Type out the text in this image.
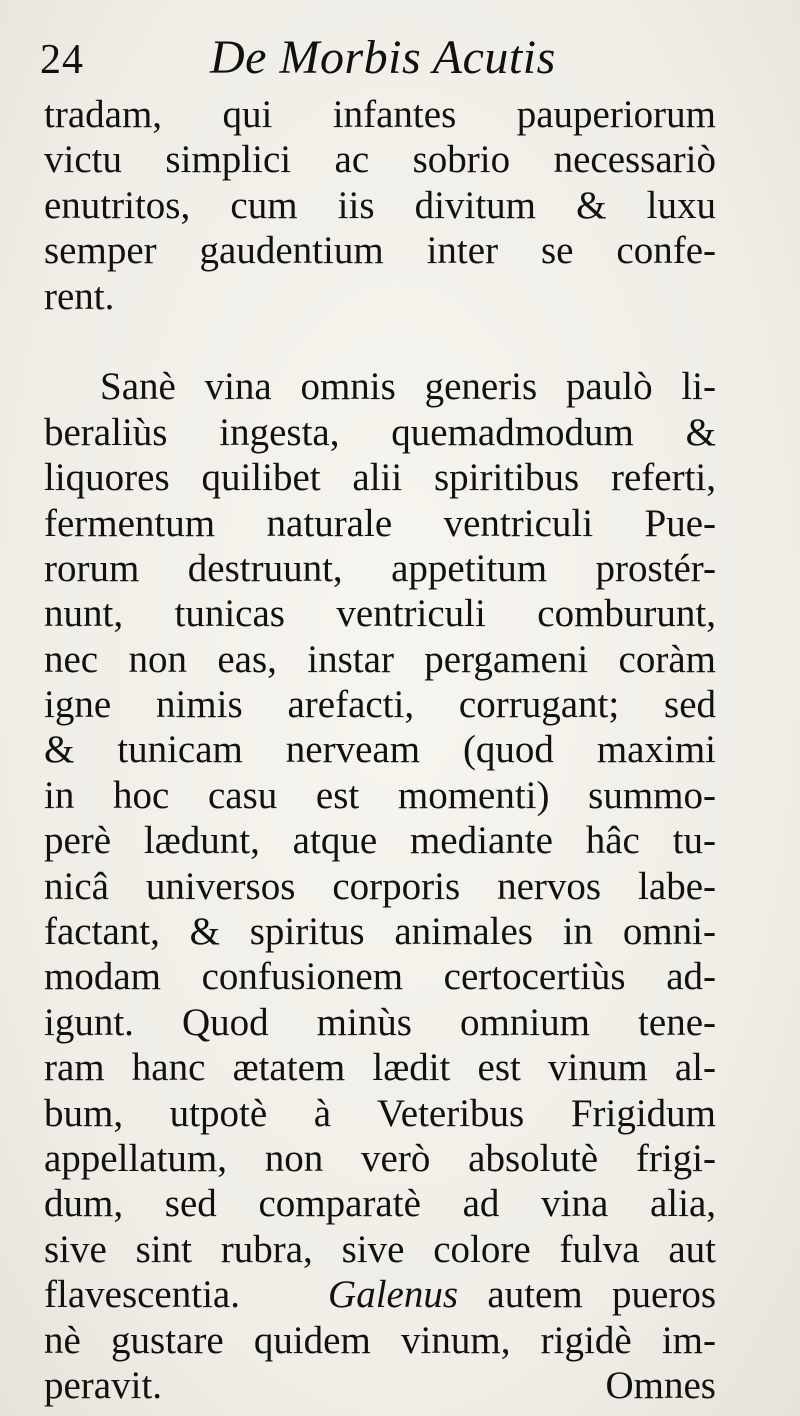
24	De Morbis Acutis
tradam, qui infantes pauperiorum
victu simplici ac sobrio necessariò
enutritos, cum iis divitum & luxu
semper gaudentium inter se confe-
rent.
Sanè vina omnis generis paulò li-
beraliùs ingesta, quemadmodum &
liquores quilibet alii spiritibus referti,
fermentum naturale ventriculi Pue-
rorum destruunt, appetitum prostér-
nunt, tunicas ventriculi comburunt,
nec non eas, instar pergameni coràm
igne nimis arefacti, corrugant; sed
& tunicam nerveam (quod maximi
in hoc casu est momenti) summo-
perè lædunt, atque mediante hâc tu-
nicâ universos corporis nervos labe-
factant, & spiritus animales in omni-
modam confusionem certocertiùs ad-
igunt. Quod minùs omnium tene-
ram hanc ætatem lædit est vinum al-
bum, utpotè à Veteribus Frigidum
appellatum, non verò absolutè frigi-
dum, sed comparatè ad vina alia,
sive sint rubra, sive colore fulva aut
flavescentia. Galenus autem pueros
nè gustare quidem vinum, rigidè im-
peravit.	Omnes
